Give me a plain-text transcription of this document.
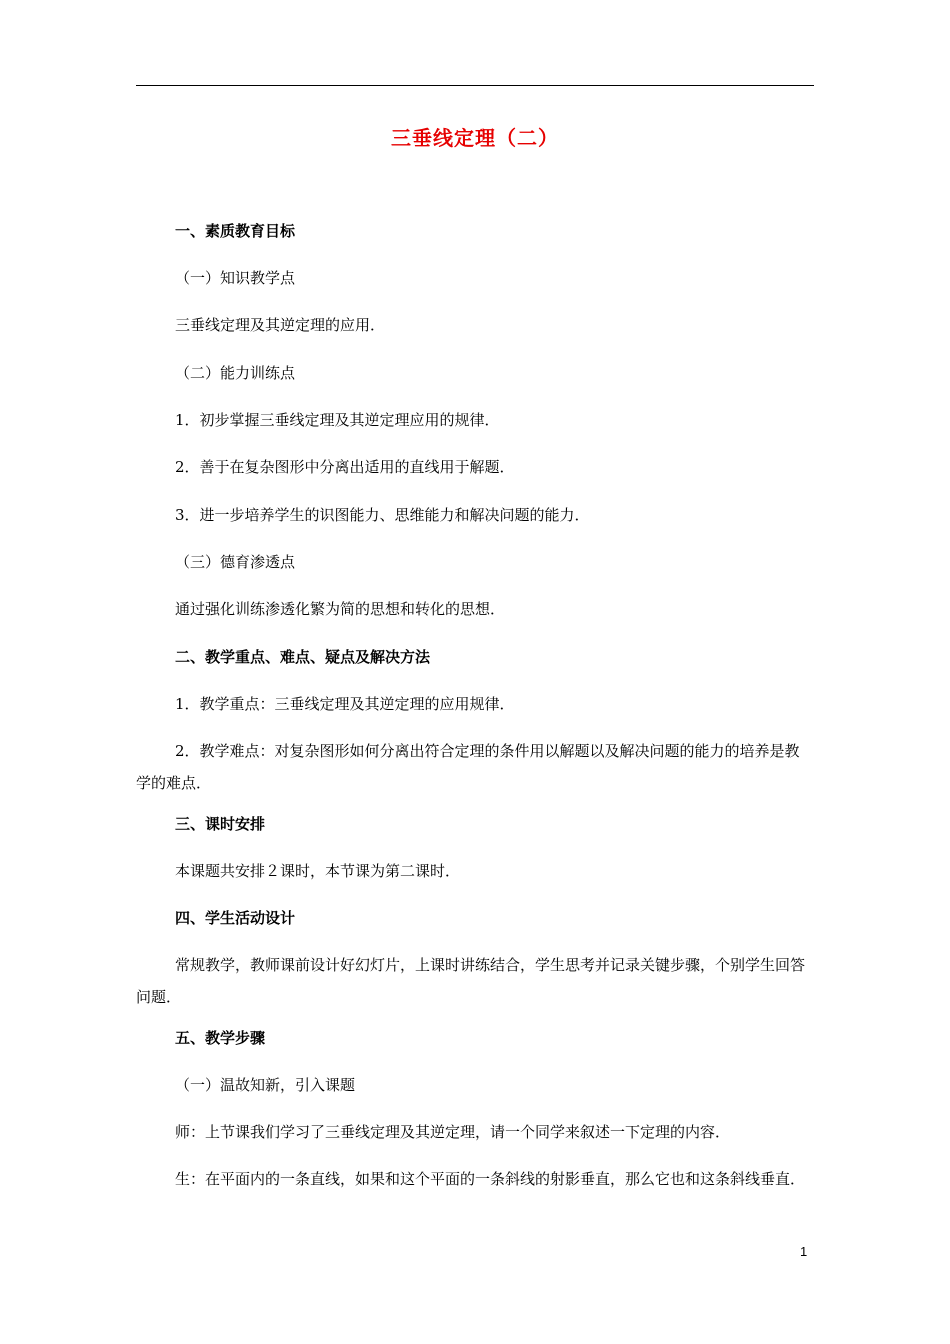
三垂线定理（二）
一、素质教育目标
（一）知识教学点
三垂线定理及其逆定理的应用．
（二）能力训练点
1．初步掌握三垂线定理及其逆定理应用的规律．
2．善于在复杂图形中分离出适用的直线用于解题．
3．进一步培养学生的识图能力、思维能力和解决问题的能力．
（三）德育渗透点
通过强化训练渗透化繁为简的思想和转化的思想．
二、教学重点、难点、疑点及解决方法
1．教学重点：三垂线定理及其逆定理的应用规律．
2．教学难点：对复杂图形如何分离出符合定理的条件用以解题以及解决问题的能力的培养是教学的难点．
三、课时安排
本课题共安排２课时，本节课为第二课时．
四、学生活动设计
常规教学，教师课前设计好幻灯片，上课时讲练结合，学生思考并记录关键步骤，个别学生回答问题．
五、教学步骤
（一）温故知新，引入课题
师：上节课我们学习了三垂线定理及其逆定理，请一个同学来叙述一下定理的内容．
生：在平面内的一条直线，如果和这个平面的一条斜线的射影垂直，那么它也和这条斜线垂直．
1
